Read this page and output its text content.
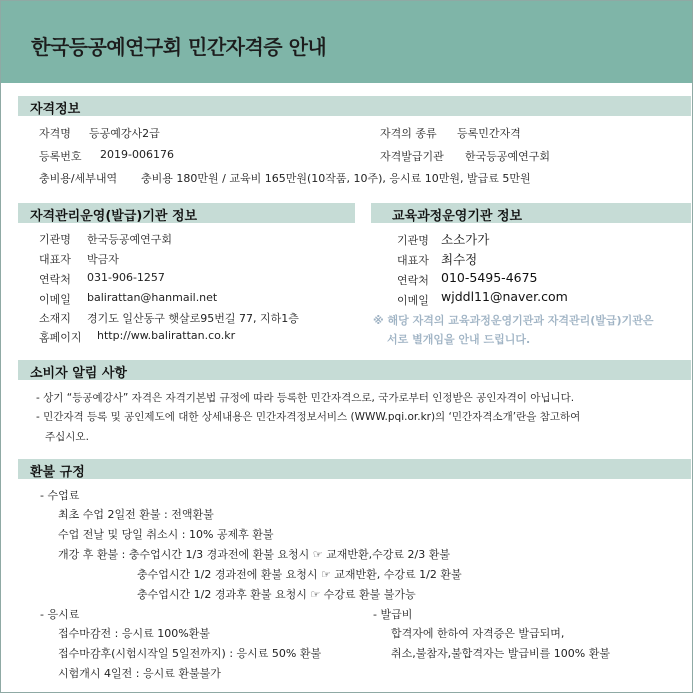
한국등공예연구회 민간자격증 안내
자격정보
자격명 등공예강사2급	자격의 종류 등록민간자격
등록번호 2019-006176	자격발급기관 한국등공예연구회
충비용/세부내역 충비용 180만원 / 교육비 165만원(10작품, 10주), 응시료 10만원, 발급료 5만원
자격관리운영(발급)기관 정보
기관명 한국등공예연구회
대표자 박금자
연락처 031-906-1257
이메일 balirattan@hanmail.net
소재지 경기도 일산동구 햇살로95번길 77, 지하1층
홈페이지 http://ww.balirattan.co.kr
교육과정운영기관 정보
기관명 소소가가
대표자 최수정
연락처 010-5495-4675
이메일 wjddl11@naver.com
※ 해당 자격의 교육과정운영기관과 자격관리(발급)기관은
서로 별개임을 안내 드립니다.
소비자 알림 사항
- 상기 “등공예강사” 자격은 자격기본법 규정에 따라 등록한 민간자격으로, 국가로부터 인정받은 공인자격이 아닙니다.
- 민간자격 등록 및 공인제도에 대한 상세내용은 민간자격정보서비스 (WWW.pqi.or.kr)의 ‘민간자격소개’란을 참고하여
주십시오.
환불 규정
- 수업료
최초 수업 2일전 환불 : 전액환불
수업 전날 및 당일 취소시 : 10% 공제후 환불
개강 후 환불 : 충수업시간 1/3 경과전에 환불 요청시 ☞ 교재반환,수강료 2/3 환불
충수업시간 1/2 경과전에 환불 요청시 ☞ 교재반환, 수강료 1/2 환불
충수업시간 1/2 경과후 환불 요청시 ☞ 수강료 환불 불가능
- 응시료
접수마감전 : 응시료 100%환불
접수마감후(시험시작일 5일전까지) : 응시료 50% 환불
시험개시 4일전 : 응시료 환불불가
- 발급비
합격자에 한하여 자격증은 발급되며,
취소,불참자,불합격자는 발급비를 100% 환불
